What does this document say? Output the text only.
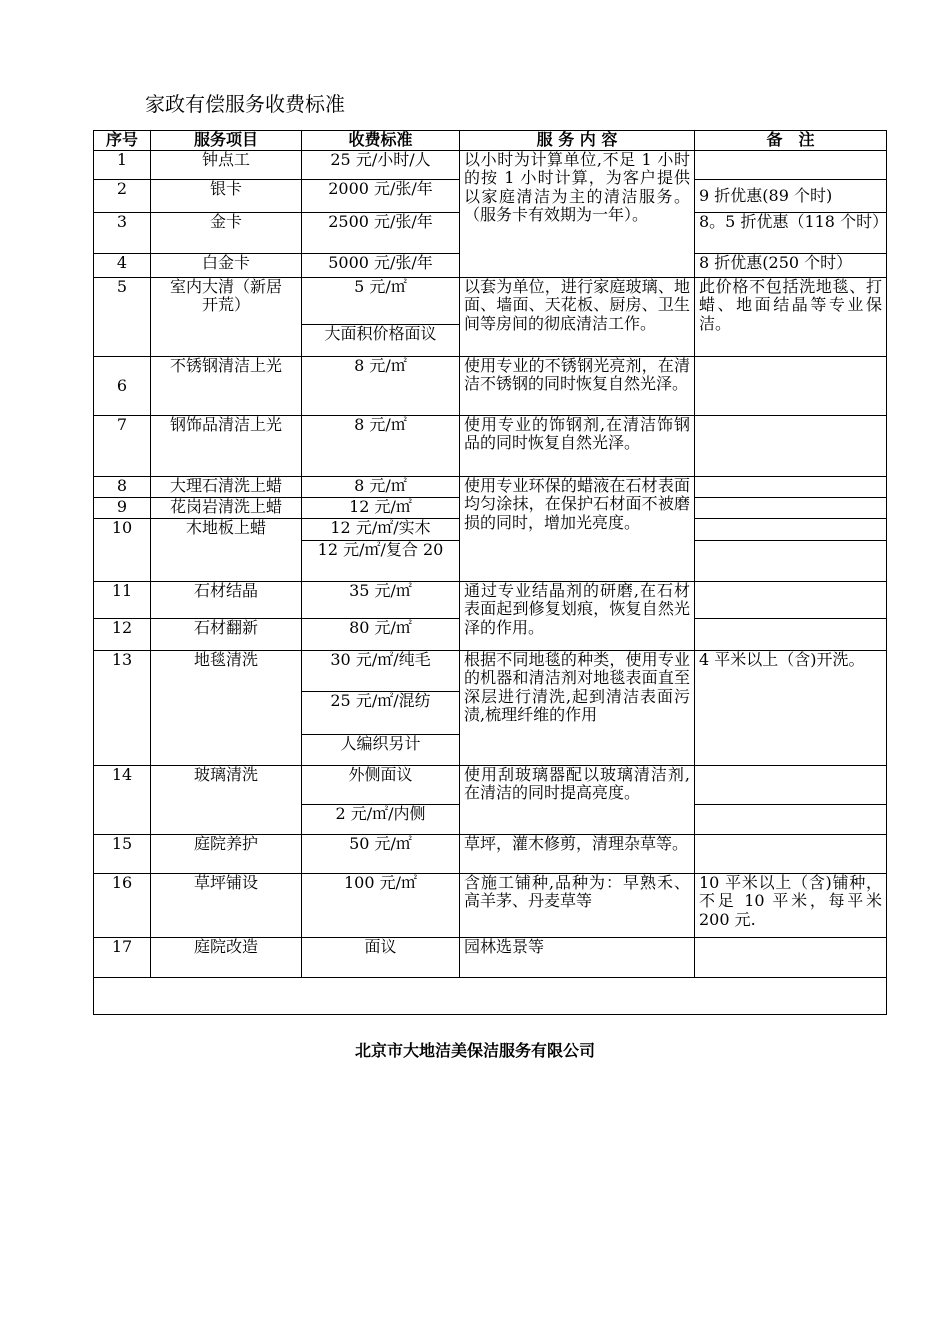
家政有偿服务收费标准
序号	服务项目	收费标准	服 务 内 容	备　注
1	钟点工	25 元/小时/人	以小时为计算单位,不足 1 小时的按 1 小时计算，为客户提供以家庭清洁为主的清洁服务。（服务卡有效期为一年）。	
2	银卡	2000 元/张/年		9 折优惠(89 个时)
3	金卡	2500 元/张/年		8。5 折优惠（118 个时）
4	白金卡	5000 元/张/年		8 折优惠(250 个时）
5	室内大清（新居开荒）	5 元/㎡	以套为单位，进行家庭玻璃、地面、墙面、天花板、厨房、卫生间等房间的彻底清洁工作。	此价格不包括洗地毯、打蜡、地面结晶等专业保洁。
		大面积价格面议		
6	不锈钢清洁上光	8 元/㎡	使用专业的不锈钢光亮剂，在清洁不锈钢的同时恢复自然光泽。	
7	钢饰品清洁上光	8 元/㎡	使用专业的饰钢剂,在清洁饰钢品的同时恢复自然光泽。	
8	大理石清洗上蜡	8 元/㎡	使用专业环保的蜡液在石材表面均匀涂抹，在保护石材面不被磨损的同时，增加光亮度。	
9	花岗岩清洗上蜡	12 元/㎡		
10	木地板上蜡	12 元/㎡/实木		
		12 元/㎡/复合 20		
11	石材结晶	35 元/㎡	通过专业结晶剂的研磨,在石材表面起到修复划痕，恢复自然光泽的作用。	
12	石材翻新	80 元/㎡		
13	地毯清洗	30 元/㎡/纯毛	根据不同地毯的种类，使用专业的机器和清洁剂对地毯表面直至深层进行清洗,起到清洁表面污渍,梳理纤维的作用	4 平米以上（含)开洗。
		25 元/㎡/混纺		
		人编织另计		
14	玻璃清洗	外侧面议	使用刮玻璃器配以玻璃清洁剂,在清洁的同时提高亮度。	
		2 元/㎡/内侧		
15	庭院养护	50 元/㎡	草坪，灌木修剪，清理杂草等。	
16	草坪铺设	100 元/㎡	含施工铺种,品种为：早熟禾、高羊茅、丹麦草等	10 平米以上（含)铺种，不足 10 平米，每平米 200 元.
17	庭院改造	面议	园林选景等	

北京市大地洁美保洁服务有限公司
